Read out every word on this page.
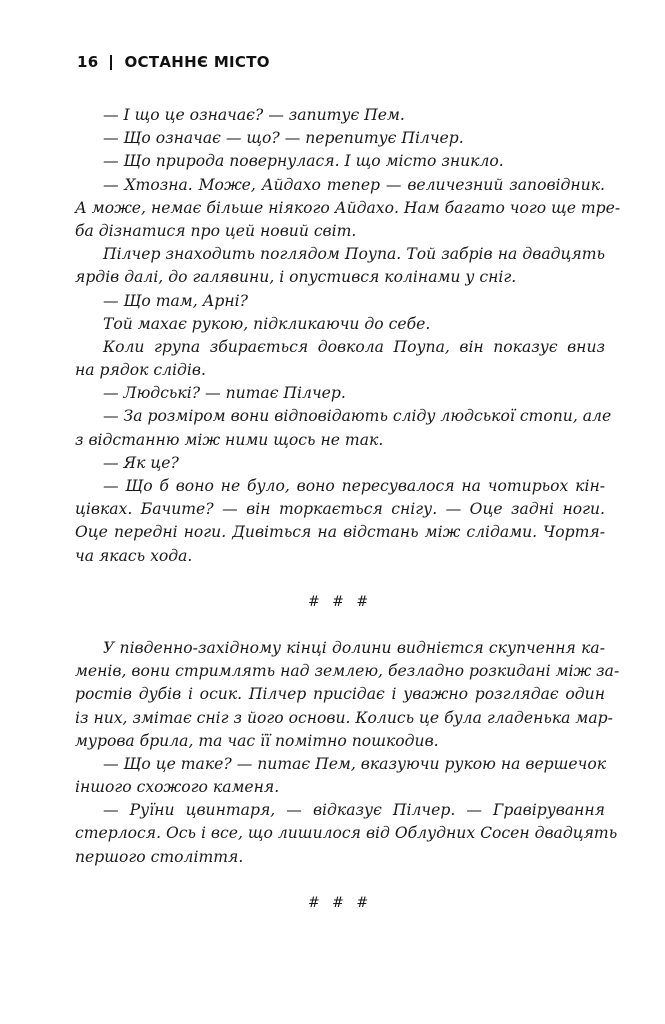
16 ОСТАННЄ МІСТО
— І що це означає? — запитує Пем.
— Що означає — що? — перепитує Пілчер.
— Що природа повернулася. І що місто зникло.
— Хтозна. Може, Айдахо тепер — величезний заповідник.
А може, немає більше ніякого Айдахо. Нам багато чого ще тре-
ба дізнатися про цей новий світ.
Пілчер знаходить поглядом Поупа. Той забрів на двадцять
ярдів далі, до галявини, і опустився колінами у сніг.
— Що там, Арні?
Той махає рукою, підкликаючи до себе.
Коли група збирається довкола Поупа, він показує вниз
на рядок слідів.
— Людські? — питає Пілчер.
— За розміром вони відповідають сліду людської стопи, але
з відстанню між ними щось не так.
— Як це?
— Що б воно не було, воно пересувалося на чотирьох кін-
цівках. Бачите? — він торкається снігу. — Оце задні ноги.
Оце передні ноги. Дивіться на відстань між слідами. Чортя-
ча якась хода.
# # #
У південно-західному кінці долини виднієтся скупчення ка-
менів, вони стримлять над землею, безладно розкидані між за-
ростів дубів і осик. Пілчер присідає і уважно розглядає один
із них, змітає сніг з його основи. Колись це була гладенька мар-
мурова брила, та час її помітно пошкодив.
— Що це таке? — питає Пем, вказуючи рукою на вершечок
іншого схожого каменя.
— Руїни цвинтаря, — відказує Пілчер. — Гравірування
стерлося. Ось і все, що лишилося від Облудних Сосен двадцять
першого століття.
# # #
